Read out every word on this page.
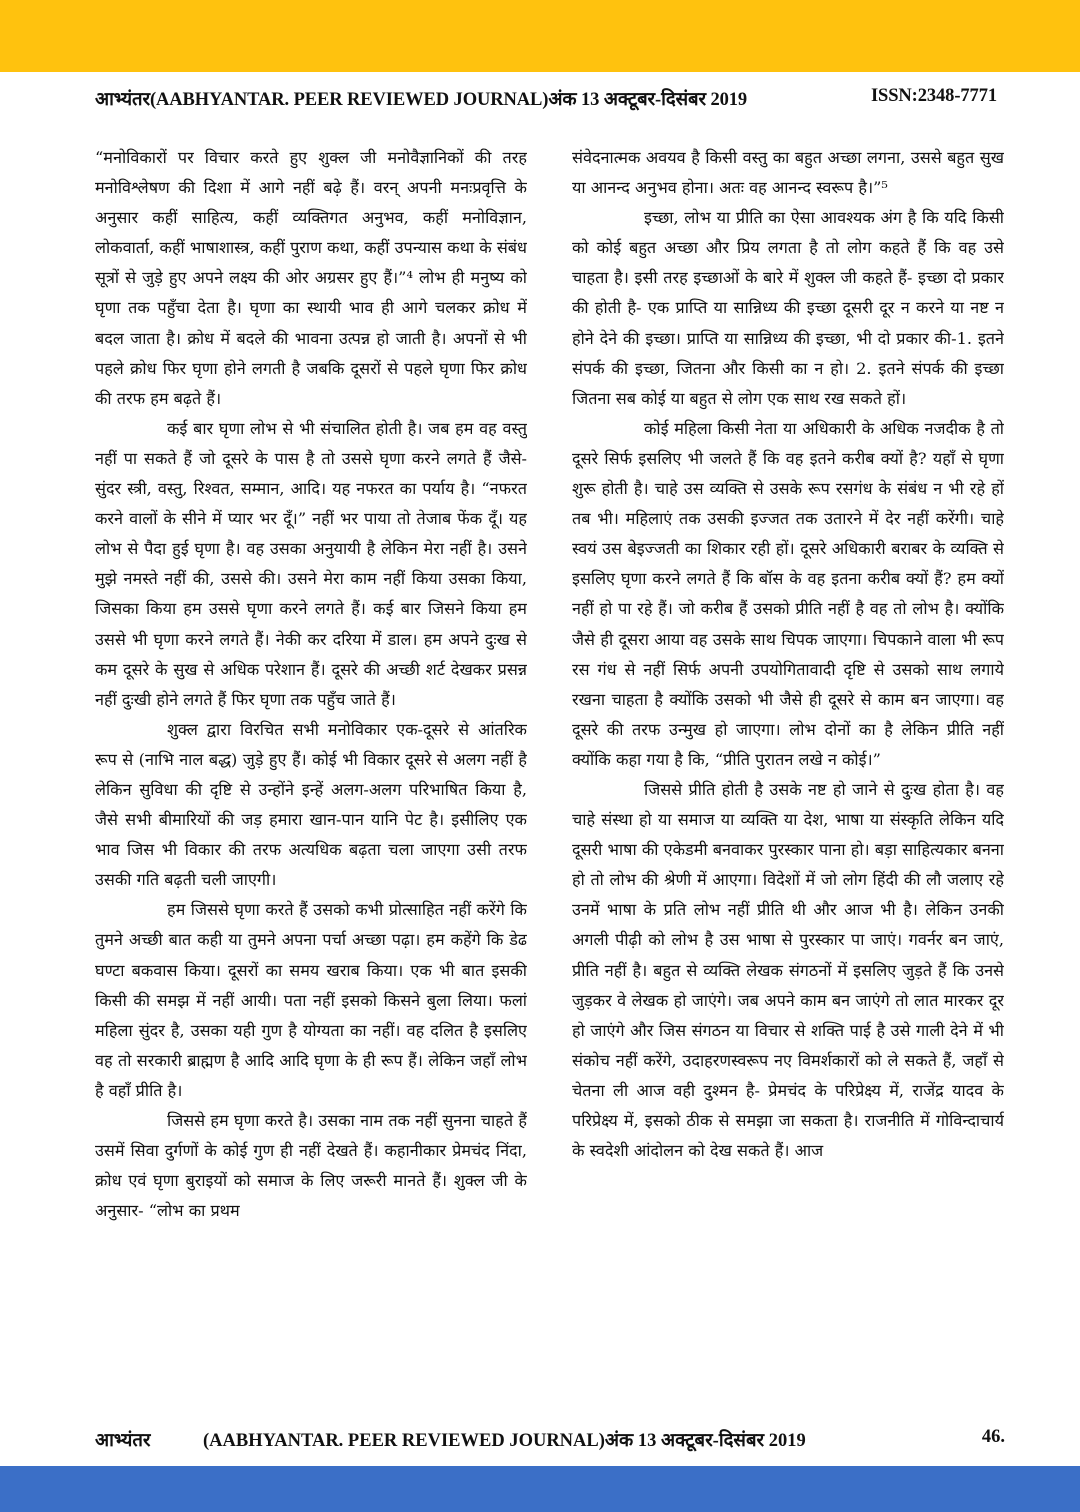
आभ्यंतर(AABHYANTAR. PEER REVIEWED JOURNAL)अंक 13 अक्टूबर-दिसंबर 2019	ISSN:2348-7771

“मनोविकारों पर विचार करते हुए शुक्ल जी मनोवैज्ञानिकों की तरह मनोविश्लेषण की दिशा में आगे नहीं बढ़े हैं। वरन् अपनी मनःप्रवृत्ति के अनुसार कहीं साहित्य, कहीं व्यक्तिगत अनुभव, कहीं मनोविज्ञान, लोकवार्ता, कहीं भाषाशास्त्र, कहीं पुराण कथा, कहीं उपन्यास कथा के संबंध सूत्रों से जुड़े हुए अपने लक्ष्य की ओर अग्रसर हुए हैं।”⁴ लोभ ही मनुष्य को घृणा तक पहुँचा देता है। घृणा का स्थायी भाव ही आगे चलकर क्रोध में बदल जाता है। क्रोध में बदले की भावना उत्पन्न हो जाती है। अपनों से भी पहले क्रोध फिर घृणा होने लगती है जबकि दूसरों से पहले घृणा फिर क्रोध की तरफ हम बढ़ते हैं।

कई बार घृणा लोभ से भी संचालित होती है। जब हम वह वस्तु नहीं पा सकते हैं जो दूसरे के पास है तो उससे घृणा करने लगते हैं जैसे- सुंदर स्त्री, वस्तु, रिश्वत, सम्मान, आदि। यह नफरत का पर्याय है। “नफरत करने वालों के सीने में प्यार भर दूँ।” नहीं भर पाया तो तेजाब फेंक दूँ। यह लोभ से पैदा हुई घृणा है। वह उसका अनुयायी है लेकिन मेरा नहीं है। उसने मुझे नमस्ते नहीं की, उससे की। उसने मेरा काम नहीं किया उसका किया, जिसका किया हम उससे घृणा करने लगते हैं। कई बार जिसने किया हम उससे भी घृणा करने लगते हैं। नेकी कर दरिया में डाल। हम अपने दुःख से कम दूसरे के सुख से अधिक परेशान हैं। दूसरे की अच्छी शर्ट देखकर प्रसन्न नहीं दुःखी होने लगते हैं फिर घृणा तक पहुँच जाते हैं।

शुक्ल द्वारा विरचित सभी मनोविकार एक-दूसरे से आंतरिक रूप से (नाभि नाल बद्ध) जुड़े हुए हैं। कोई भी विकार दूसरे से अलग नहीं है लेकिन सुविधा की दृष्टि से उन्होंने इन्हें अलग-अलग परिभाषित किया है, जैसे सभी बीमारियों की जड़ हमारा खान-पान यानि पेट है। इसीलिए एक भाव जिस भी विकार की तरफ अत्यधिक बढ़ता चला जाएगा उसी तरफ उसकी गति बढ़ती चली जाएगी।

हम जिससे घृणा करते हैं उसको कभी प्रोत्साहित नहीं करेंगे कि तुमने अच्छी बात कही या तुमने अपना पर्चा अच्छा पढ़ा। हम कहेंगे कि डेढ घण्टा बकवास किया। दूसरों का समय खराब किया। एक भी बात इसकी किसी की समझ में नहीं आयी। पता नहीं इसको किसने बुला लिया। फलां महिला सुंदर है, उसका यही गुण है योग्यता का नहीं। वह दलित है इसलिए वह तो सरकारी ब्राह्मण है आदि आदि घृणा के ही रूप हैं। लेकिन जहाँ लोभ है वहाँ प्रीति है।

जिससे हम घृणा करते है। उसका नाम तक नहीं सुनना चाहते हैं उसमें सिवा दुर्गणों के कोई गुण ही नहीं देखते हैं। कहानीकार प्रेमचंद निंदा, क्रोध एवं घृणा बुराइयों को समाज के लिए जरूरी मानते हैं। शुक्ल जी के अनुसार- “लोभ का प्रथम

संवेदनात्मक अवयव है किसी वस्तु का बहुत अच्छा लगना, उससे बहुत सुख या आनन्द अनुभव होना। अतः वह आनन्द स्वरूप है।”⁵

इच्छा, लोभ या प्रीति का ऐसा आवश्यक अंग है कि यदि किसी को कोई बहुत अच्छा और प्रिय लगता है तो लोग कहते हैं कि वह उसे चाहता है। इसी तरह इच्छाओं के बारे में शुक्ल जी कहते हैं- इच्छा दो प्रकार की होती है- एक प्राप्ति या सान्निध्य की इच्छा दूसरी दूर न करने या नष्ट न होने देने की इच्छा। प्राप्ति या सान्निध्य की इच्छा, भी दो प्रकार की-1. इतने संपर्क की इच्छा, जितना और किसी का न हो। 2. इतने संपर्क की इच्छा जितना सब कोई या बहुत से लोग एक साथ रख सकते हों।

कोई महिला किसी नेता या अधिकारी के अधिक नजदीक है तो दूसरे सिर्फ इसलिए भी जलते हैं कि वह इतने करीब क्यों है? यहाँ से घृणा शुरू होती है। चाहे उस व्यक्ति से उसके रूप रसगंध के संबंध न भी रहे हों तब भी। महिलाएं तक उसकी इज्जत तक उतारने में देर नहीं करेंगी। चाहे स्वयं उस बेइज्जती का शिकार रही हों। दूसरे अधिकारी बराबर के व्यक्ति से इसलिए घृणा करने लगते हैं कि बॉस के वह इतना करीब क्यों हैं? हम क्यों नहीं हो पा रहे हैं। जो करीब हैं उसको प्रीति नहीं है वह तो लोभ है। क्योंकि जैसे ही दूसरा आया वह उसके साथ चिपक जाएगा। चिपकाने वाला भी रूप रस गंध से नहीं सिर्फ अपनी उपयोगितावादी दृष्टि से उसको साथ लगाये रखना चाहता है क्योंकि उसको भी जैसे ही दूसरे से काम बन जाएगा। वह दूसरे की तरफ उन्मुख हो जाएगा। लोभ दोनों का है लेकिन प्रीति नहीं क्योंकि कहा गया है कि, “प्रीति पुरातन लखे न कोई।”

जिससे प्रीति होती है उसके नष्ट हो जाने से दुःख होता है। वह चाहे संस्था हो या समाज या व्यक्ति या देश, भाषा या संस्कृति लेकिन यदि दूसरी भाषा की एकेडमी बनवाकर पुरस्कार पाना हो। बड़ा साहित्यकार बनना हो तो लोभ की श्रेणी में आएगा। विदेशों में जो लोग हिंदी की लौ जलाए रहे उनमें भाषा के प्रति लोभ नहीं प्रीति थी और आज भी है। लेकिन उनकी अगली पीढ़ी को लोभ है उस भाषा से पुरस्कार पा जाएं। गवर्नर बन जाएं, प्रीति नहीं है। बहुत से व्यक्ति लेखक संगठनों में इसलिए जुड़ते हैं कि उनसे जुड़कर वे लेखक हो जाएंगे। जब अपने काम बन जाएंगे तो लात मारकर दूर हो जाएंगे और जिस संगठन या विचार से शक्ति पाई है उसे गाली देने में भी संकोच नहीं करेंगे, उदाहरणस्वरूप नए विमर्शकारों को ले सकते हैं, जहाँ से चेतना ली आज वही दुश्मन है- प्रेमचंद के परिप्रेक्ष्य में, राजेंद्र यादव के परिप्रेक्ष्य में, इसको ठीक से समझा जा सकता है। राजनीति में गोविन्दाचार्य के स्वदेशी आंदोलन को देख सकते हैं। आज

आभ्यंतर	(AABHYANTAR. PEER REVIEWED JOURNAL)अंक 13 अक्टूबर-दिसंबर 2019	46.
